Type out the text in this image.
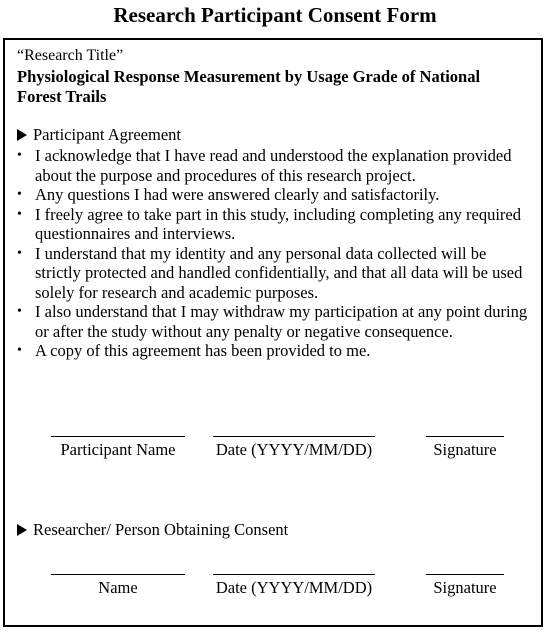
Research Participant Consent Form
“Research Title”
Physiological Response Measurement by Usage Grade of National Forest Trails
Participant Agreement
• I acknowledge that I have read and understood the explanation provided about the purpose and procedures of this research project.
• Any questions I had were answered clearly and satisfactorily.
• I freely agree to take part in this study, including completing any required questionnaires and interviews.
• I understand that my identity and any personal data collected will be strictly protected and handled confidentially, and that all data will be used solely for research and academic purposes.
• I also understand that I may withdraw my participation at any point during or after the study without any penalty or negative consequence.
• A copy of this agreement has been provided to me.
Participant Name	Date (YYYY/MM/DD)	Signature
Researcher/ Person Obtaining Consent
Name	Date (YYYY/MM/DD)	Signature
